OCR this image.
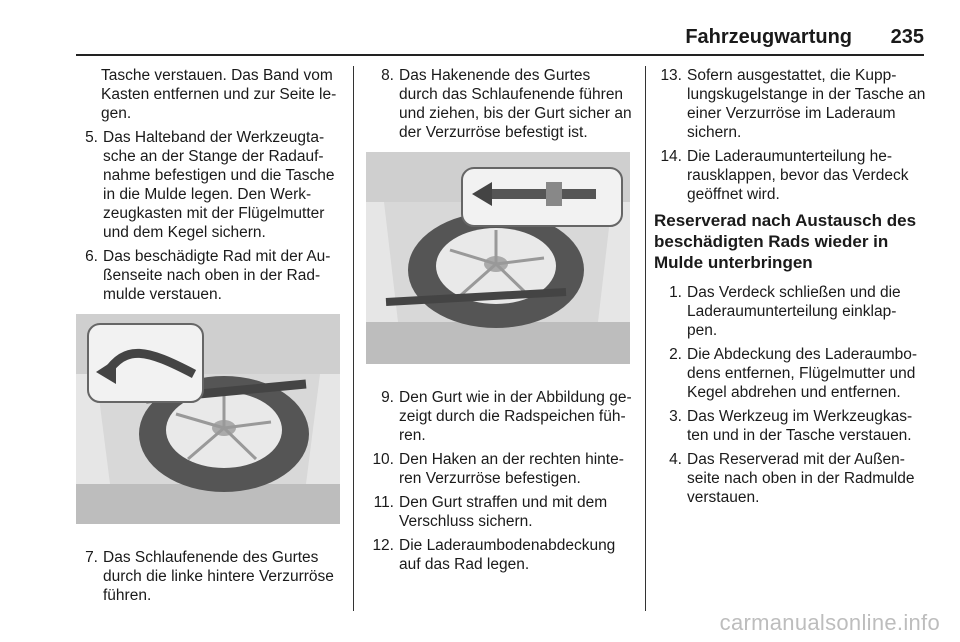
Fahrzeugwartung 235
Tasche verstauen. Das Band vom Kasten entfernen und zur Seite le-gen.
5. Das Halteband der Werkzeugta-sche an der Stange der Radauf-nahme befestigen und die Tasche in die Mulde legen. Den Werk-zeugkasten mit der Flügelmutter und dem Kegel sichern.
6. Das beschädigte Rad mit der Au-ßenseite nach oben in der Rad-mulde verstauen.
7. Das Schlaufenende des Gurtes durch die linke hintere Verzurröse führen.
8. Das Hakenende des Gurtes durch das Schlaufenende führen und ziehen, bis der Gurt sicher an der Verzurröse befestigt ist.
9. Den Gurt wie in der Abbildung ge-zeigt durch die Radspeichen füh-ren.
10. Den Haken an der rechten hinte-ren Verzurröse befestigen.
11. Den Gurt straffen und mit dem Verschluss sichern.
12. Die Laderaumbodenabdeckung auf das Rad legen.
13. Sofern ausgestattet, die Kupp-lungskugelstange in der Tasche an einer Verzurröse im Laderaum sichern.
14. Die Laderaumunterteilung he-rausklappen, bevor das Verdeck geöffnet wird.
Reserverad nach Austausch des beschädigten Rads wieder in Mulde unterbringen
1. Das Verdeck schließen und die Laderaumunterteilung einklap-pen.
2. Die Abdeckung des Laderaumbo-dens entfernen, Flügelmutter und Kegel abdrehen und entfernen.
3. Das Werkzeug im Werkzeugkas-ten und in der Tasche verstauen.
4. Das Reserverad mit der Außen-seite nach oben in der Radmulde verstauen.
carmanualsonline.info
